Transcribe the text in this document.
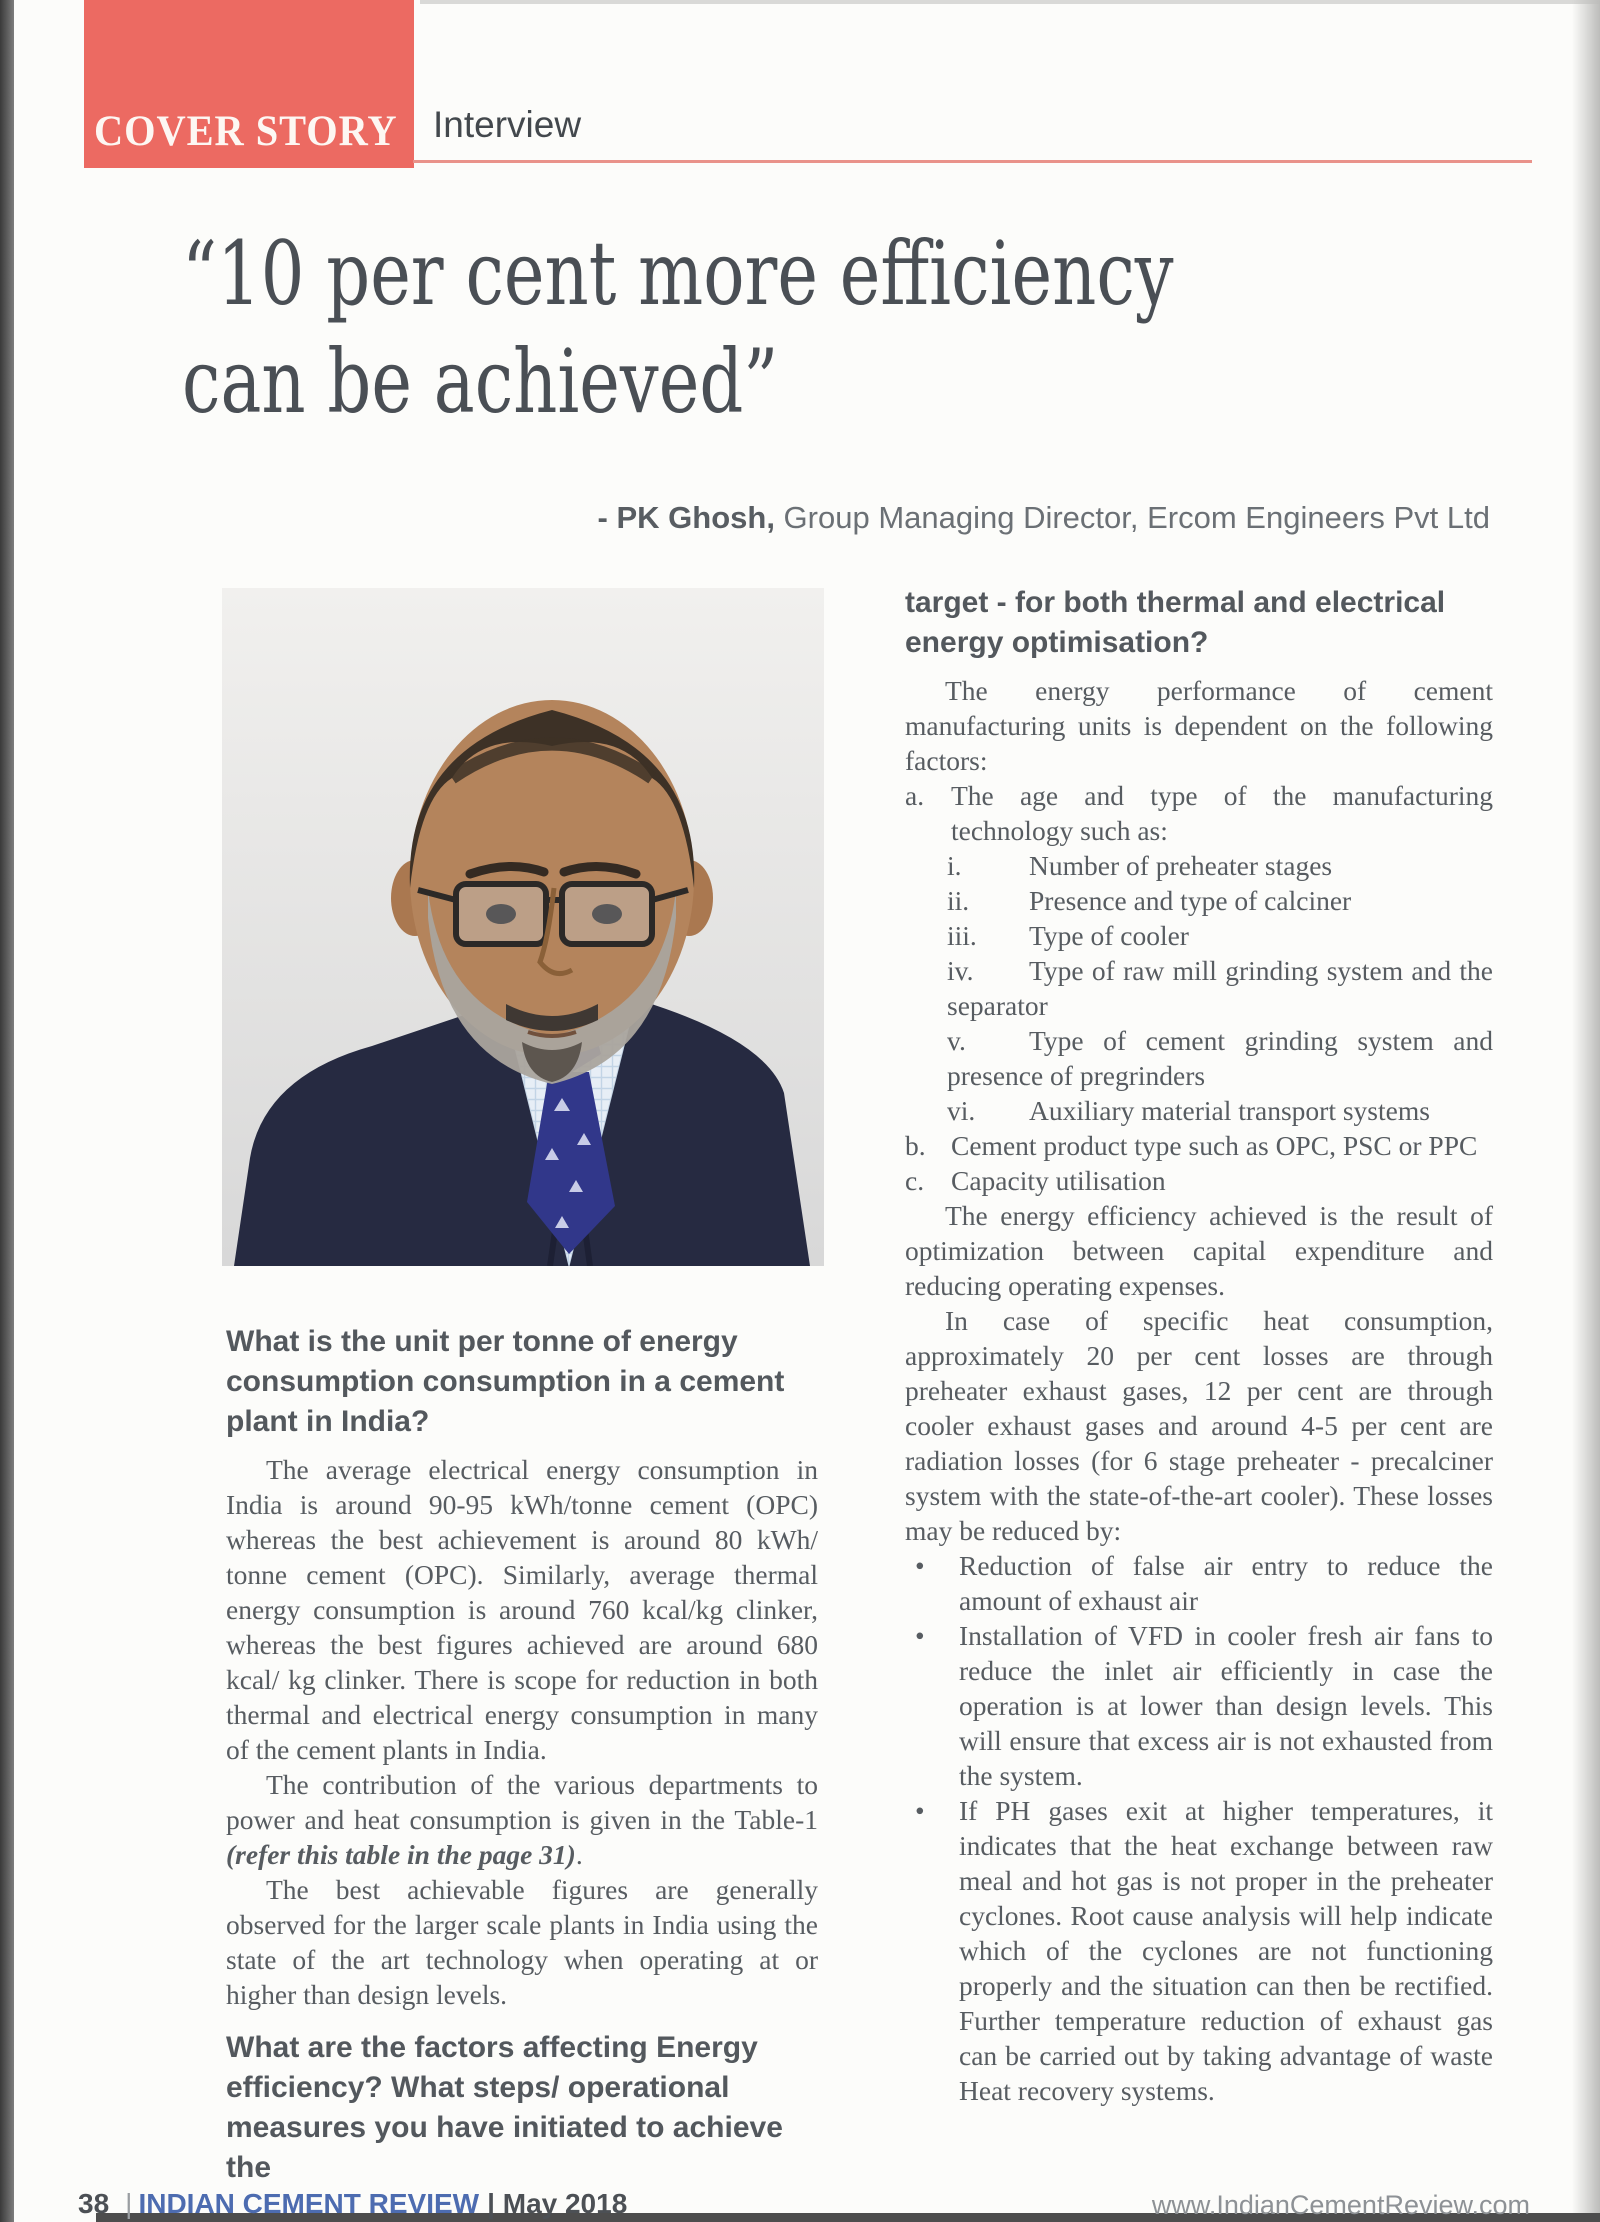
COVER STORY Interview
“10 per cent more efficiency
can be achieved”
- PK Ghosh, Group Managing Director, Ercom Engineers Pvt Ltd

What is the unit per tonne of energy consumption consumption in a cement plant in India?

The average electrical energy consumption in India is around 90-95 kWh/tonne cement (OPC) whereas the best achievement is around 80 kWh/ tonne cement (OPC). Similarly, average thermal energy consumption is around 760 kcal/kg clinker, whereas the best figures achieved are around 680 kcal/ kg clinker. There is scope for reduction in both thermal and electrical energy consumption in many of the cement plants in India.

The contribution of the various departments to power and heat consumption is given in the Table-1 (refer this table in the page 31).

The best achievable figures are generally observed for the larger scale plants in India using the state of the art technology when operating at or higher than design levels.

What are the factors affecting Energy efficiency? What steps/ operational measures you have initiated to achieve the

target - for both thermal and electrical energy optimisation?

The energy performance of cement manufacturing units is dependent on the following factors:

a. The age and type of the manufacturing technology such as:
i. Number of preheater stages
ii. Presence and type of calciner
iii. Type of cooler
iv. Type of raw mill grinding system and the separator
v. Type of cement grinding system and presence of pregrinders
vi. Auxiliary material transport systems
b. Cement product type such as OPC, PSC or PPC
c. Capacity utilisation

The energy efficiency achieved is the result of optimization between capital expenditure and reducing operating expenses.

In case of specific heat consumption, approximately 20 per cent losses are through preheater exhaust gases, 12 per cent are through cooler exhaust gases and around 4-5 per cent are radiation losses (for 6 stage preheater - precalciner system with the state-of-the-art cooler). These losses may be reduced by:

• Reduction of false air entry to reduce the amount of exhaust air
• Installation of VFD in cooler fresh air fans to reduce the inlet air efficiently in case the operation is at lower than design levels. This will ensure that excess air is not exhausted from the system.
• If PH gases exit at higher temperatures, it indicates that the heat exchange between raw meal and hot gas is not proper in the preheater cyclones. Root cause analysis will help indicate which of the cyclones are not functioning properly and the situation can then be rectified. Further temperature reduction of exhaust gas can be carried out by taking advantage of waste Heat recovery systems.
38 | INDIAN CEMENT REVIEW | May 2018	www.IndianCementReview.com
